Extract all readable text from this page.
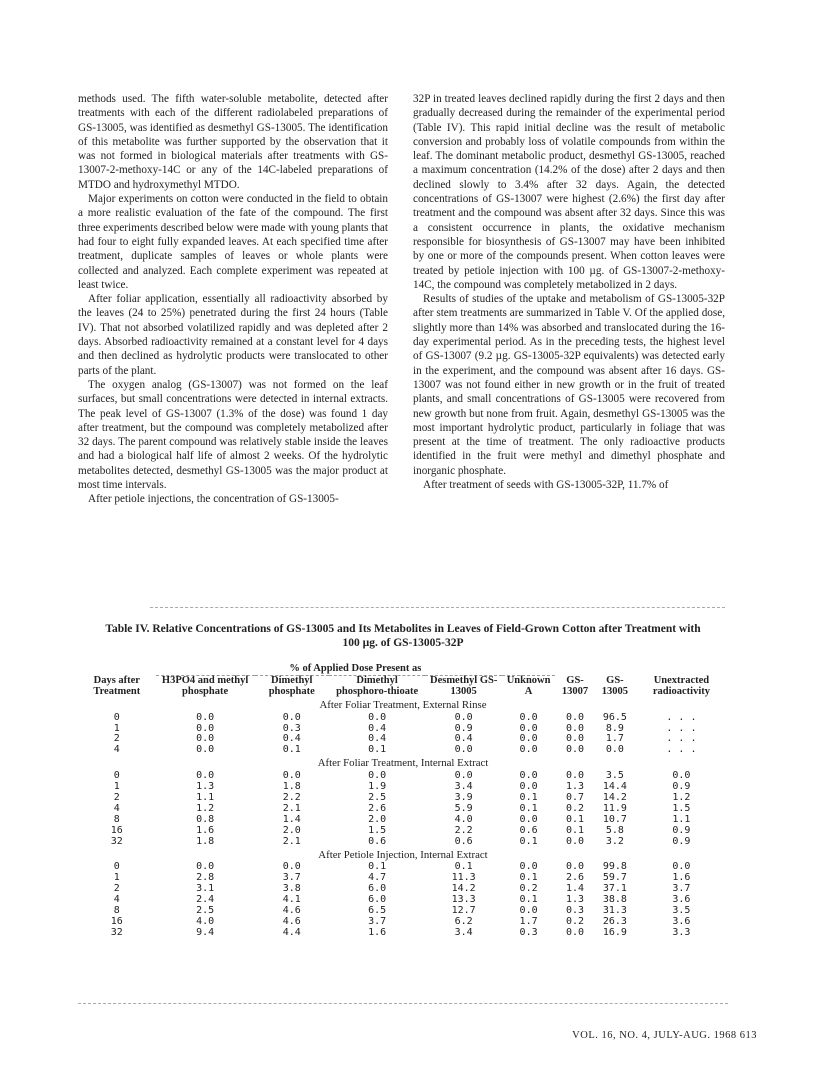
methods used. The fifth water-soluble metabolite, detected after treatments with each of the different radiolabeled preparations of GS-13005, was identified as desmethyl GS-13005. The identification of this metabolite was further supported by the observation that it was not formed in biological materials after treatments with GS-13007-2-methoxy-14C or any of the 14C-labeled preparations of MTDO and hydroxymethyl MTDO.

Major experiments on cotton were conducted in the field to obtain a more realistic evaluation of the fate of the compound. The first three experiments described below were made with young plants that had four to eight fully expanded leaves. At each specified time after treatment, duplicate samples of leaves or whole plants were collected and analyzed. Each complete experiment was repeated at least twice.

After foliar application, essentially all radioactivity absorbed by the leaves (24 to 25%) penetrated during the first 24 hours (Table IV). That not absorbed volatilized rapidly and was depleted after 2 days. Absorbed radioactivity remained at a constant level for 4 days and then declined as hydrolytic products were translocated to other parts of the plant.

The oxygen analog (GS-13007) was not formed on the leaf surfaces, but small concentrations were detected in internal extracts. The peak level of GS-13007 (1.3% of the dose) was found 1 day after treatment, but the compound was completely metabolized after 32 days. The parent compound was relatively stable inside the leaves and had a biological half life of almost 2 weeks. Of the hydrolytic metabolites detected, desmethyl GS-13005 was the major product at most time intervals.

After petiole injections, the concentration of GS-13005-

32P in treated leaves declined rapidly during the first 2 days and then gradually decreased during the remainder of the experimental period (Table IV). This rapid initial decline was the result of metabolic conversion and probably loss of volatile compounds from within the leaf. The dominant metabolic product, desmethyl GS-13005, reached a maximum concentration (14.2% of the dose) after 2 days and then declined slowly to 3.4% after 32 days. Again, the detected concentrations of GS-13007 were highest (2.6%) the first day after treatment and the compound was absent after 32 days. Since this was a consistent occurrence in plants, the oxidative mechanism responsible for biosynthesis of GS-13007 may have been inhibited by one or more of the compounds present. When cotton leaves were treated by petiole injection with 100 µg. of GS-13007-2-methoxy-14C, the compound was completely metabolized in 2 days.

Results of studies of the uptake and metabolism of GS-13005-32P after stem treatments are summarized in Table V. Of the applied dose, slightly more than 14% was absorbed and translocated during the 16-day experimental period. As in the preceding tests, the highest level of GS-13007 (9.2 µg. GS-13005-32P equivalents) was detected early in the experiment, and the compound was absent after 16 days. GS-13007 was not found either in new growth or in the fruit of treated plants, and small concentrations of GS-13005 were recovered from new growth but none from fruit. Again, desmethyl GS-13005 was the most important hydrolytic product, particularly in foliage that was present at the time of treatment. The only radioactive products identified in the fruit were methyl and dimethyl phosphate and inorganic phosphate.

After treatment of seeds with GS-13005-32P, 11.7% of

Table IV. Relative Concentrations of GS-13005 and Its Metabolites in Leaves of Field-Grown Cotton after Treatment with
100 µg. of GS-13005-32P
Days after Treatment	% of Applied Dose Present as							
	H3PO4 and methyl phosphate	Dimethyl phosphate	Dimethyl phosphoro-thioate	Desmethyl GS-13005	Unknown A	GS-13007	GS-13005	Unextracted radioactivity
After Foliar Treatment, External Rinse								
0	0.0	0.0	0.0	0.0	0.0	0.0	96.5	. . .
1	0.0	0.3	0.4	0.9	0.0	0.0	8.9	. . .
2	0.0	0.4	0.4	0.4	0.0	0.0	1.7	. . .
4	0.0	0.1	0.1	0.0	0.0	0.0	0.0	. . .
After Foliar Treatment, Internal Extract								
0	0.0	0.0	0.0	0.0	0.0	0.0	3.5	0.0
1	1.3	1.8	1.9	3.4	0.0	1.3	14.4	0.9
2	1.1	2.2	2.5	3.9	0.1	0.7	14.2	1.2
4	1.2	2.1	2.6	5.9	0.1	0.2	11.9	1.5
8	0.8	1.4	2.0	4.0	0.0	0.1	10.7	1.1
16	1.6	2.0	1.5	2.2	0.6	0.1	5.8	0.9
32	1.8	2.1	0.6	0.6	0.1	0.0	3.2	0.9
After Petiole Injection, Internal Extract								
0	0.0	0.0	0.1	0.1	0.0	0.0	99.8	0.0
1	2.8	3.7	4.7	11.3	0.1	2.6	59.7	1.6
2	3.1	3.8	6.0	14.2	0.2	1.4	37.1	3.7
4	2.4	4.1	6.0	13.3	0.1	1.3	38.8	3.6
8	2.5	4.6	6.5	12.7	0.0	0.3	31.3	3.5
16	4.0	4.6	3.7	6.2	1.7	0.2	26.3	3.6
32	9.4	4.4	1.6	3.4	0.3	0.0	16.9	3.3
VOL. 16, NO. 4, JULY-AUG. 1968 613
